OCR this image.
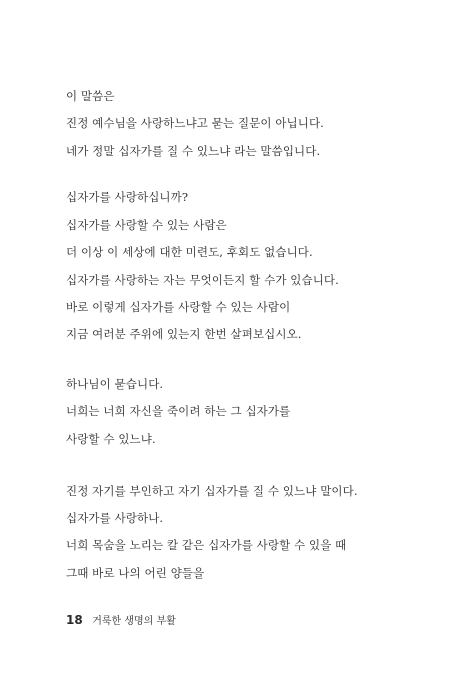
이 말씀은
진정 예수님을 사랑하느냐고 묻는 질문이 아닙니다.
네가 정말 십자가를 질 수 있느냐 라는 말씀입니다.
십자가를 사랑하십니까?
십자가를 사랑할 수 있는 사람은
더 이상 이 세상에 대한 미련도, 후회도 없습니다.
십자가를 사랑하는 자는 무엇이든지 할 수가 있습니다.
바로 이렇게 십자가를 사랑할 수 있는 사람이
지금 여러분 주위에 있는지 한번 살펴보십시오.
하나님이 묻습니다.
너희는 너희 자신을 죽이려 하는 그 십자가를
사랑할 수 있느냐.
진정 자기를 부인하고 자기 십자가를 질 수 있느냐 말이다.
십자가를 사랑하나.
너희 목숨을 노리는 칼 같은 십자가를 사랑할 수 있을 때
그때 바로 나의 어린 양들을
18 거룩한 생명의 부활
